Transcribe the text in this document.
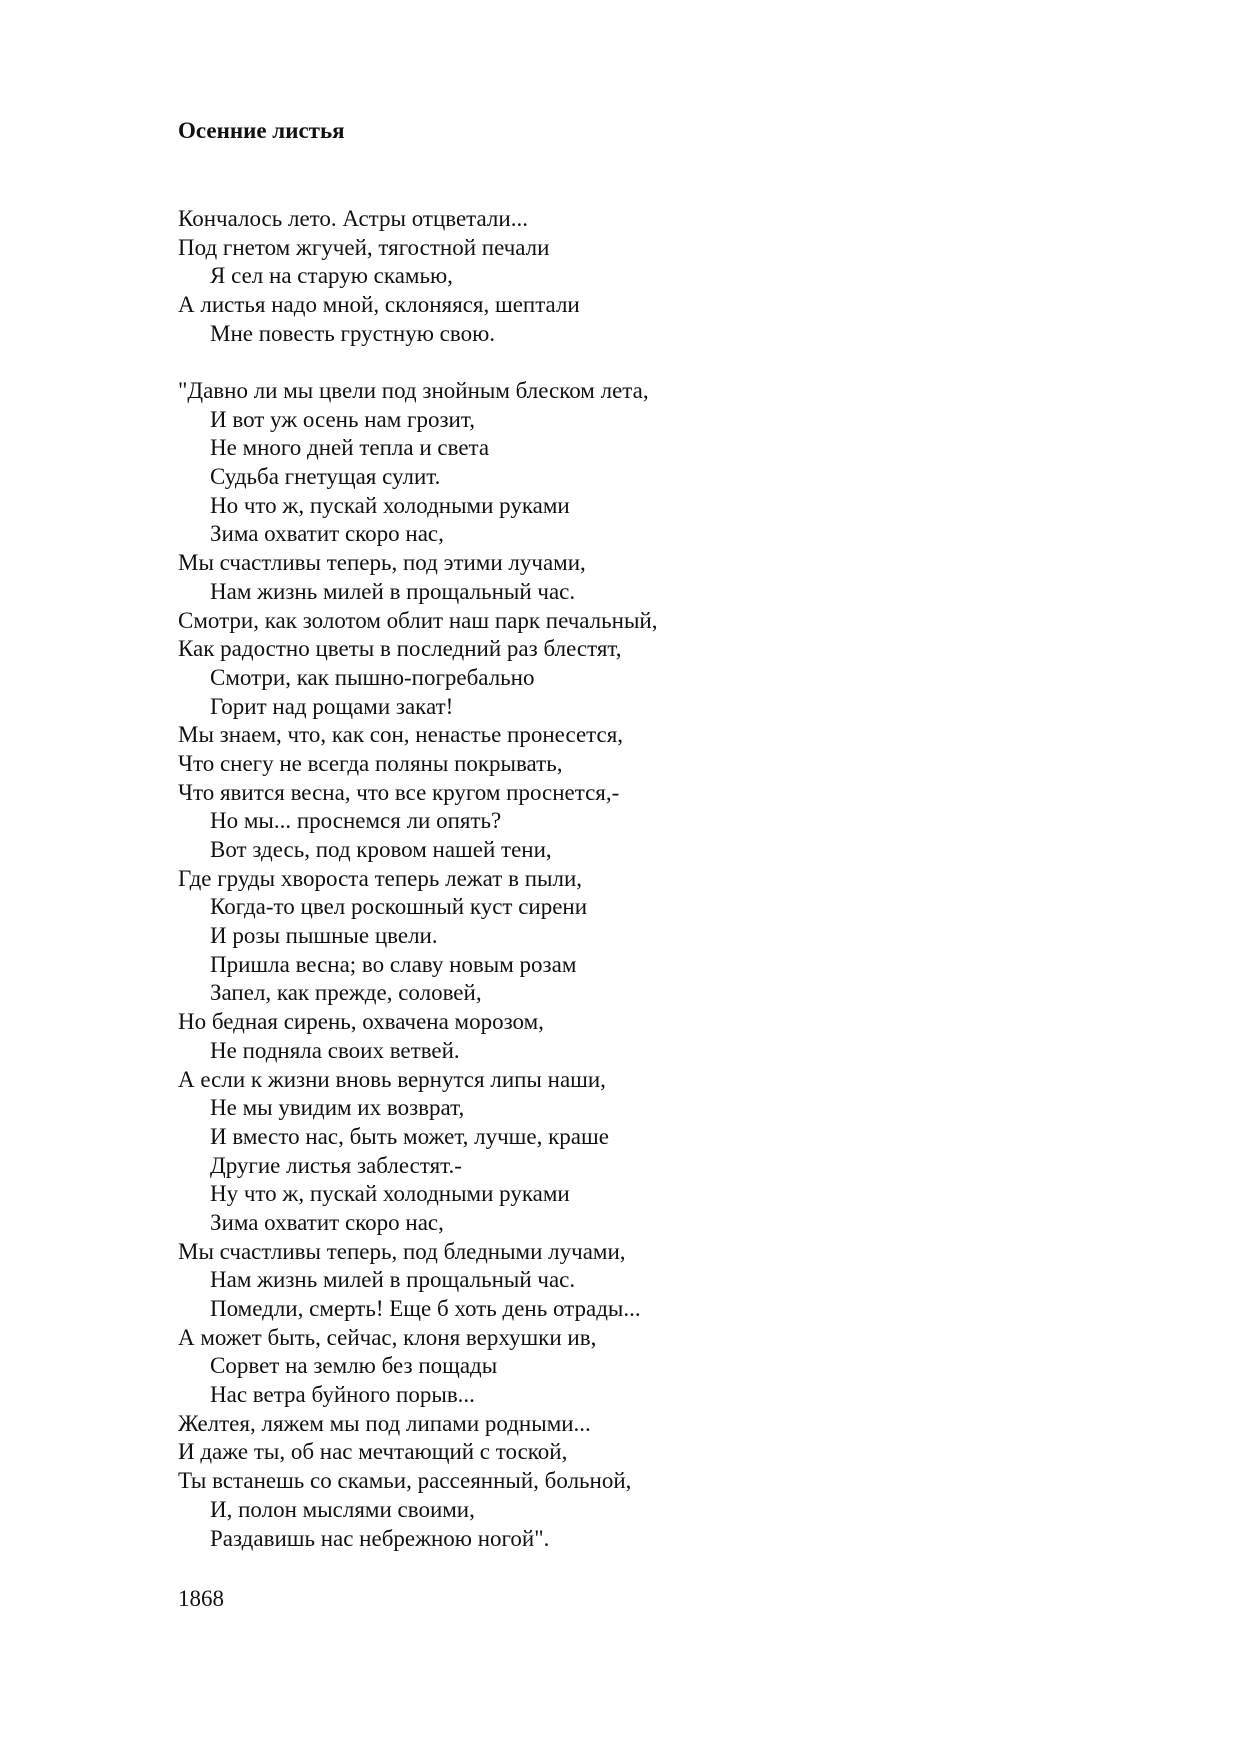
Осенние листья
Кончалось лето. Астры отцветали...
Под гнетом жгучей, тягостной печали
Я сел на старую скамью,
А листья надо мной, склоняяся, шептали
Мне повесть грустную свою.
"Давно ли мы цвели под знойным блеском лета,
И вот уж осень нам грозит,
Не много дней тепла и света
Судьба гнетущая сулит.
Но что ж, пускай холодными руками
Зима охватит скоро нас,
Мы счастливы теперь, под этими лучами,
Нам жизнь милей в прощальный час.
Смотри, как золотом облит наш парк печальный,
Как радостно цветы в последний раз блестят,
Смотри, как пышно-погребально
Горит над рощами закат!
Мы знаем, что, как сон, ненастье пронесется,
Что снегу не всегда поляны покрывать,
Что явится весна, что все кругом проснется,-
Но мы... проснемся ли опять?
Вот здесь, под кровом нашей тени,
Где груды хвороста теперь лежат в пыли,
Когда-то цвел роскошный куст сирени
И розы пышные цвели.
Пришла весна; во славу новым розам
Запел, как прежде, соловей,
Но бедная сирень, охвачена морозом,
Не подняла своих ветвей.
А если к жизни вновь вернутся липы наши,
Не мы увидим их возврат,
И вместо нас, быть может, лучше, краше
Другие листья заблестят.-
Ну что ж, пускай холодными руками
Зима охватит скоро нас,
Мы счастливы теперь, под бледными лучами,
Нам жизнь милей в прощальный час.
Помедли, смерть! Еще б хоть день отрады...
А может быть, сейчас, клоня верхушки ив,
Сорвет на землю без пощады
Нас ветра буйного порыв...
Желтея, ляжем мы под липами родными...
И даже ты, об нас мечтающий с тоской,
Ты встанешь со скамьи, рассеянный, больной,
И, полон мыслями своими,
Раздавишь нас небрежною ногой".

1868
